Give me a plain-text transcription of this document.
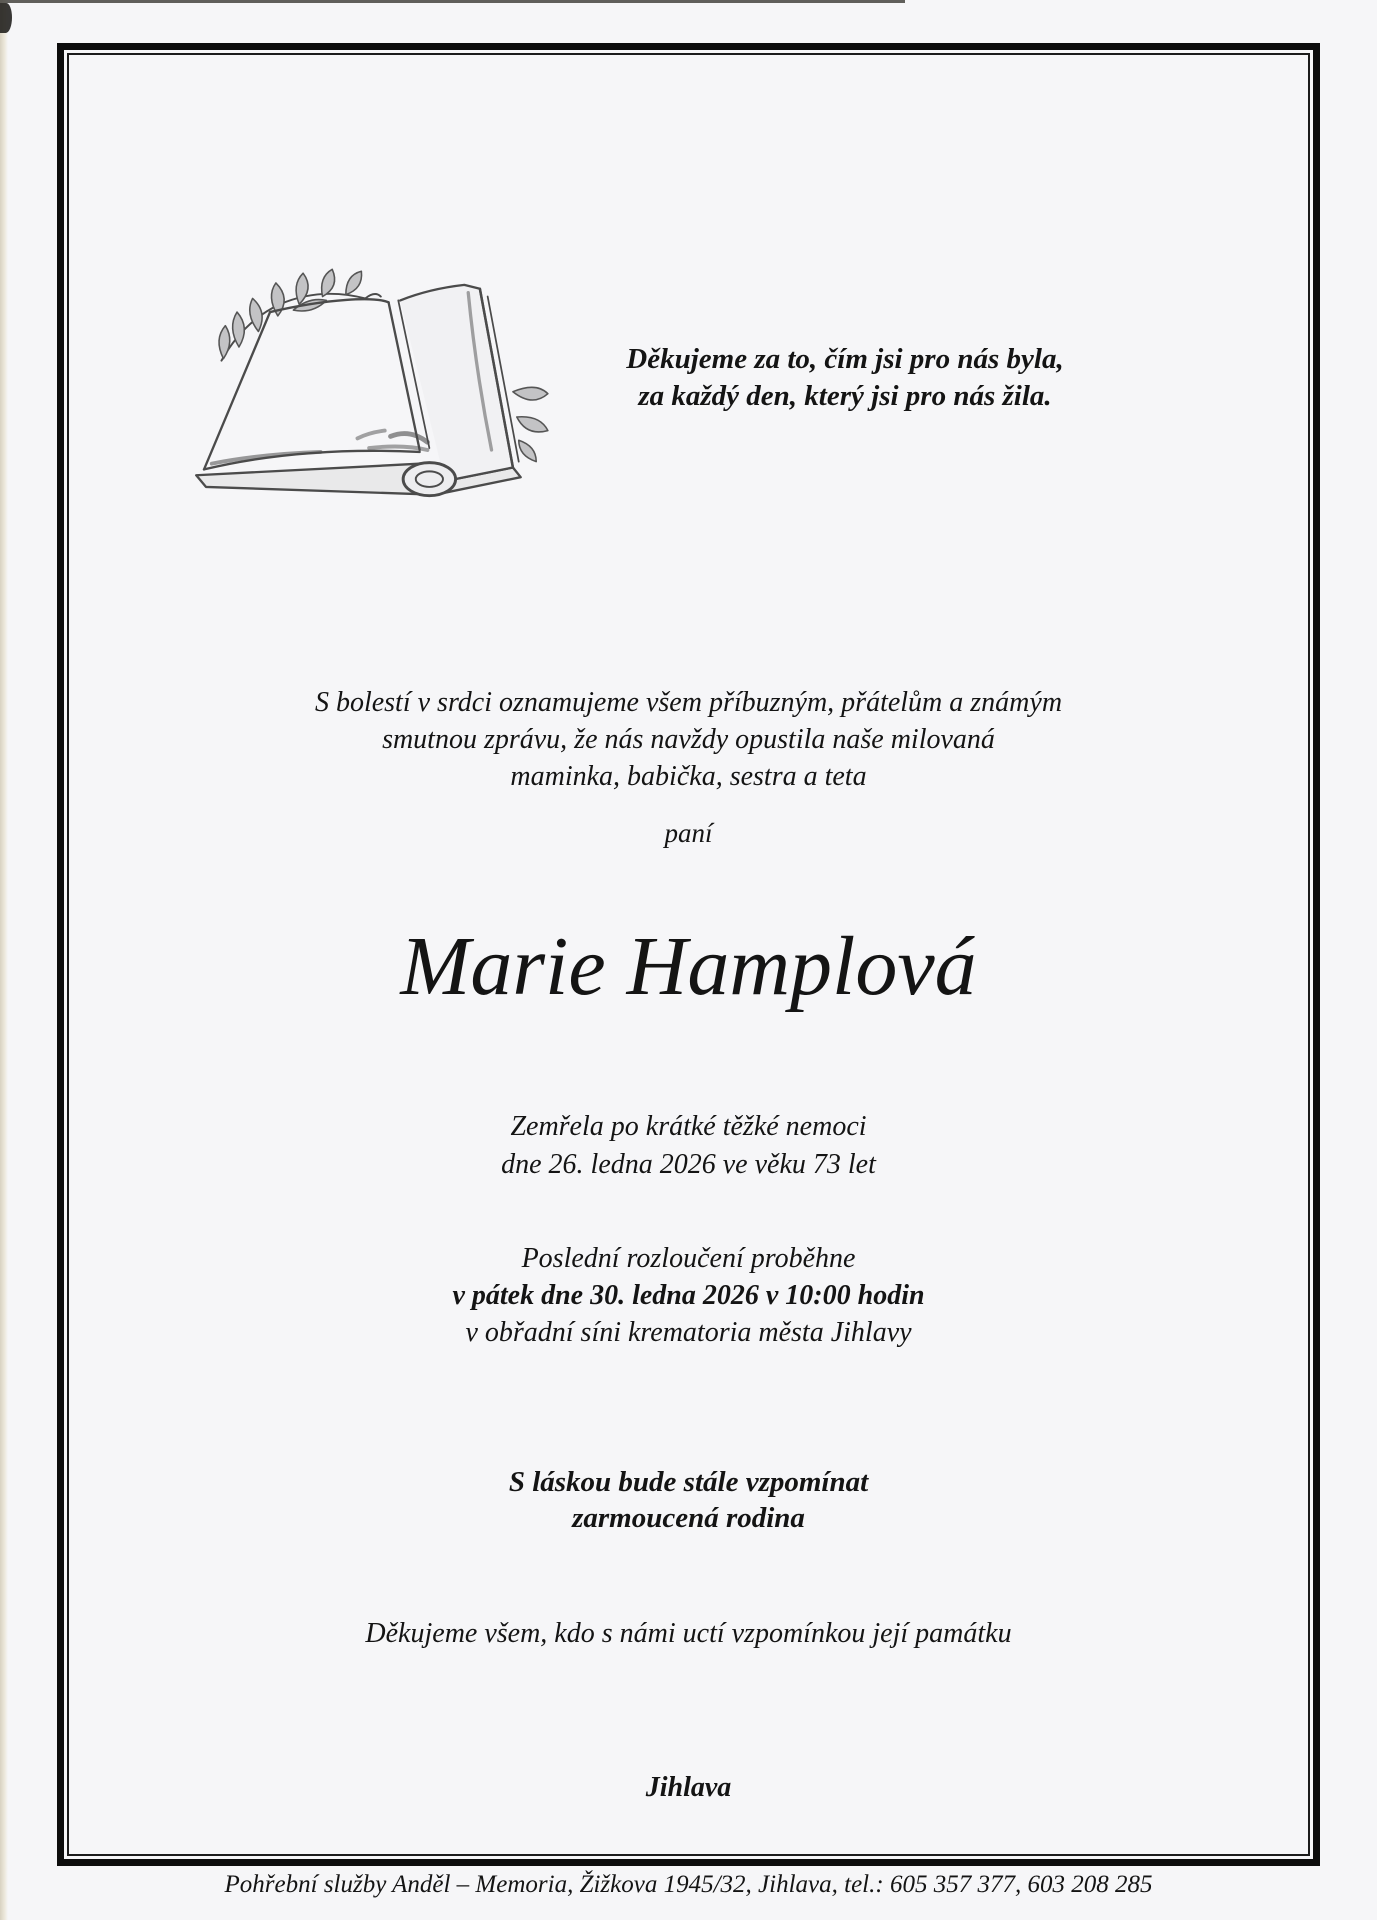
Děkujeme za to, čím jsi pro nás byla,
za každý den, který jsi pro nás žila.
S bolestí v srdci oznamujeme všem příbuzným, přátelům a známým
smutnou zprávu, že nás navždy opustila naše milovaná
maminka, babička, sestra a teta
paní
Marie Hamplová
Zemřela po krátké těžké nemoci
dne 26. ledna 2026 ve věku 73 let
Poslední rozloučení proběhne
v pátek dne 30. ledna 2026 v 10:00 hodin
v obřadní síni krematoria města Jihlavy
S láskou bude stále vzpomínat
zarmoucená rodina
Děkujeme všem, kdo s námi uctí vzpomínkou její památku
Jihlava
Pohřební služby Anděl – Memoria, Žižkova 1945/32, Jihlava, tel.: 605 357 377, 603 208 285
